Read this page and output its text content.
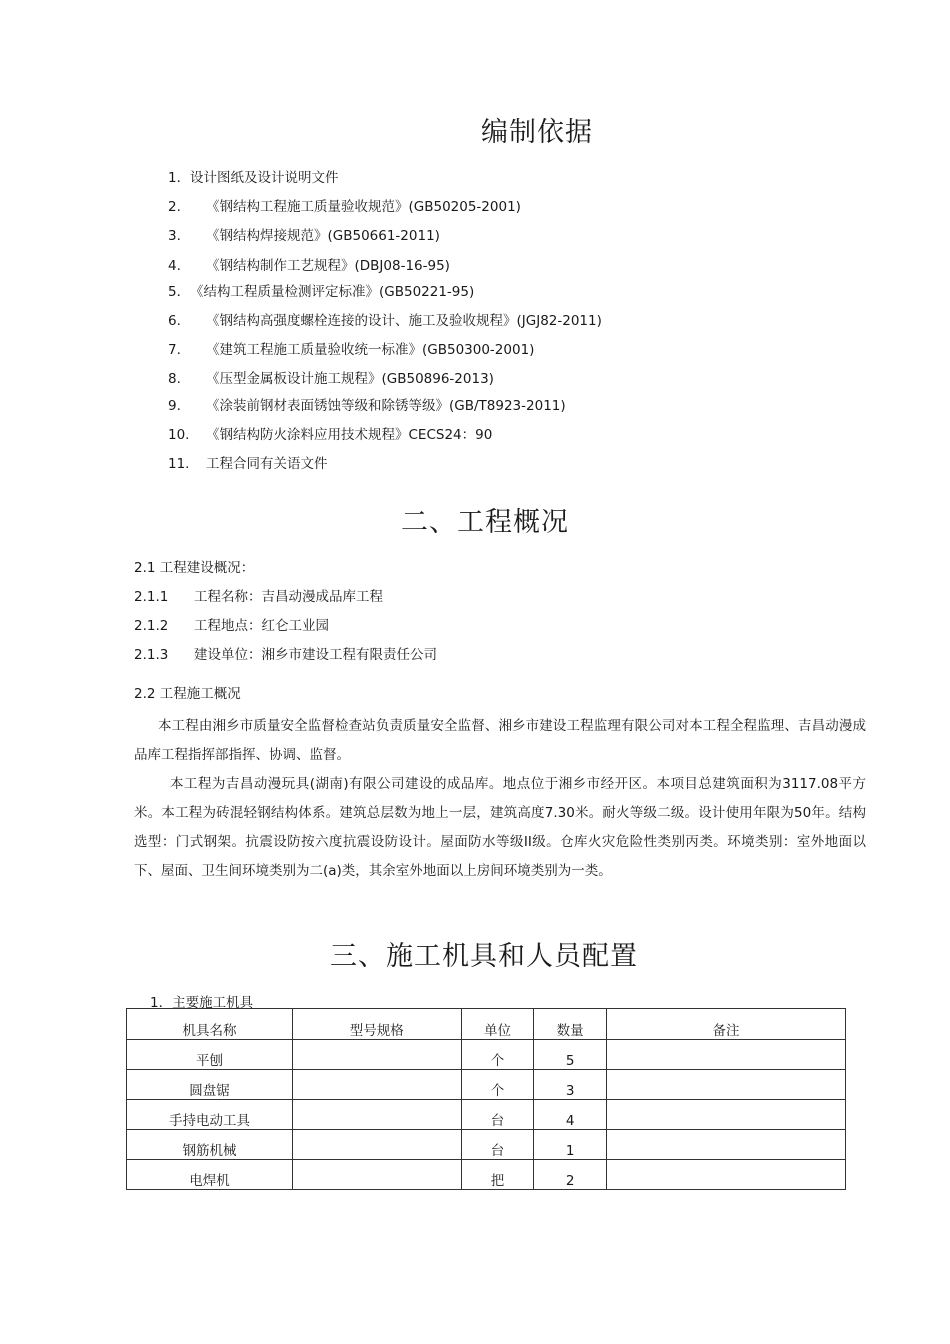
编制依据
1．设计图纸及设计说明文件
2. 《钢结构工程施工质量验收规范》(GB50205-2001)
3. 《钢结构焊接规范》(GB50661-2011)
4. 《钢结构制作工艺规程》(DBJ08-16-95)
5．《结构工程质量检测评定标准》(GB50221-95)
6. 《钢结构高强度螺栓连接的设计、施工及验收规程》(JGJ82-2011)
7. 《建筑工程施工质量验收统一标准》(GB50300-2001)
8. 《压型金属板设计施工规程》(GB50896-2013)
9. 《涂装前钢材表面锈蚀等级和除锈等级》(GB/T8923-2011)
10. 《钢结构防火涂料应用技术规程》CECS24：90
11. 工程合同有关语文件
二、工程概况
2.1 工程建设概况：
2.1.1 工程名称：吉昌动漫成品库工程
2.1.2 工程地点：红仑工业园
2.1.3 建设单位：湘乡市建设工程有限责任公司
2.2 工程施工概况
本工程由湘乡市质量安全监督检查站负责质量安全监督、湘乡市建设工程监理有限公司对本工程全程监理、吉昌动漫成品库工程指挥部指挥、协调、监督。
本工程为吉昌动漫玩具(湖南)有限公司建设的成品库。地点位于湘乡市经开区。本项目总建筑面积为3117.08平方米。本工程为砖混轻钢结构体系。建筑总层数为地上一层，建筑高度7.30米。耐火等级二级。设计使用年限为50年。结构选型：门式钢架。抗震设防按六度抗震设防设计。屋面防水等级II级。仓库火灾危险性类别丙类。环境类别：室外地面以下、屋面、卫生间环境类别为二(a)类，其余室外地面以上房间环境类别为一类。
三、施工机具和人员配置
1．主要施工机具
机具名称	型号规格	单位	数量	备注
平刨		个	5	
圆盘锯		个	3	
手持电动工具		台	4	
钢筋机械		台	1	
电焊机		把	2	
